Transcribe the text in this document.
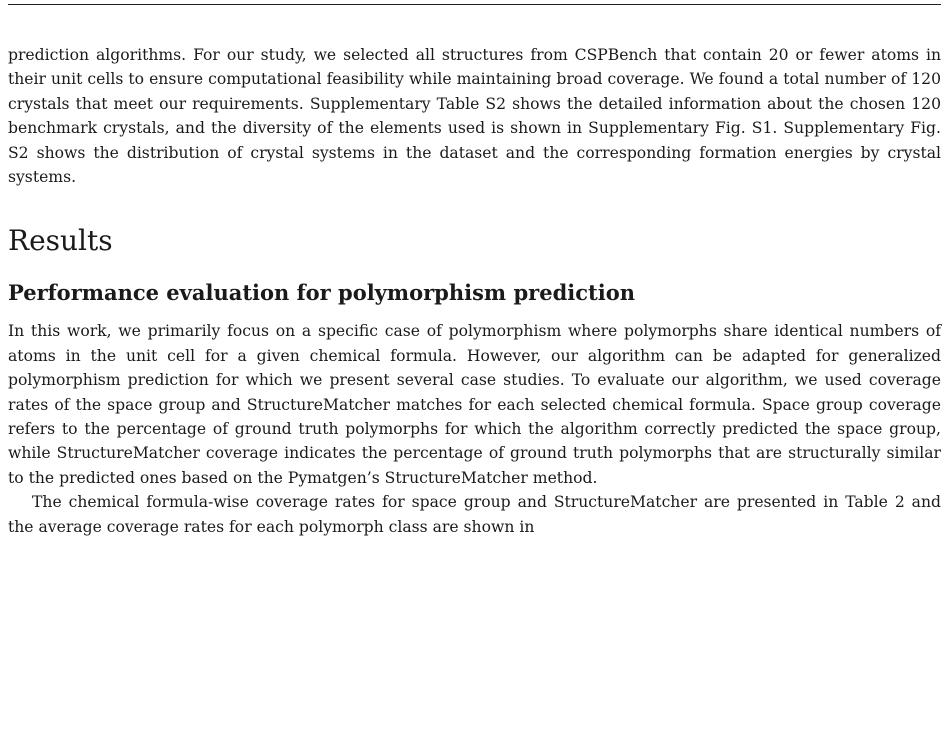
prediction algorithms. For our study, we selected all structures from CSPBench that contain 20 or fewer atoms in their unit cells to ensure computational feasibility while maintaining broad coverage. We found a total number of 120 crystals that meet our requirements. Supplementary Table S2 shows the detailed information about the chosen 120 benchmark crystals, and the diversity of the elements used is shown in Supplementary Fig. S1. Supplementary Fig. S2 shows the distribution of crystal systems in the dataset and the corresponding formation energies by crystal systems.

Results
Performance evaluation for polymorphism prediction

In this work, we primarily focus on a specific case of polymorphism where polymorphs share identical numbers of atoms in the unit cell for a given chemical formula. However, our algorithm can be adapted for generalized polymorphism prediction for which we present several case studies. To evaluate our algorithm, we used coverage rates of the space group and StructureMatcher matches for each selected chemical formula. Space group coverage refers to the percentage of ground truth polymorphs for which the algorithm correctly predicted the space group, while StructureMatcher coverage indicates the percentage of ground truth polymorphs that are structurally similar to the predicted ones based on the Pymatgen’s StructureMatcher method.

The chemical formula-wise coverage rates for space group and StructureMatcher are presented in Table 2 and the average coverage rates for each polymorph class are shown in
